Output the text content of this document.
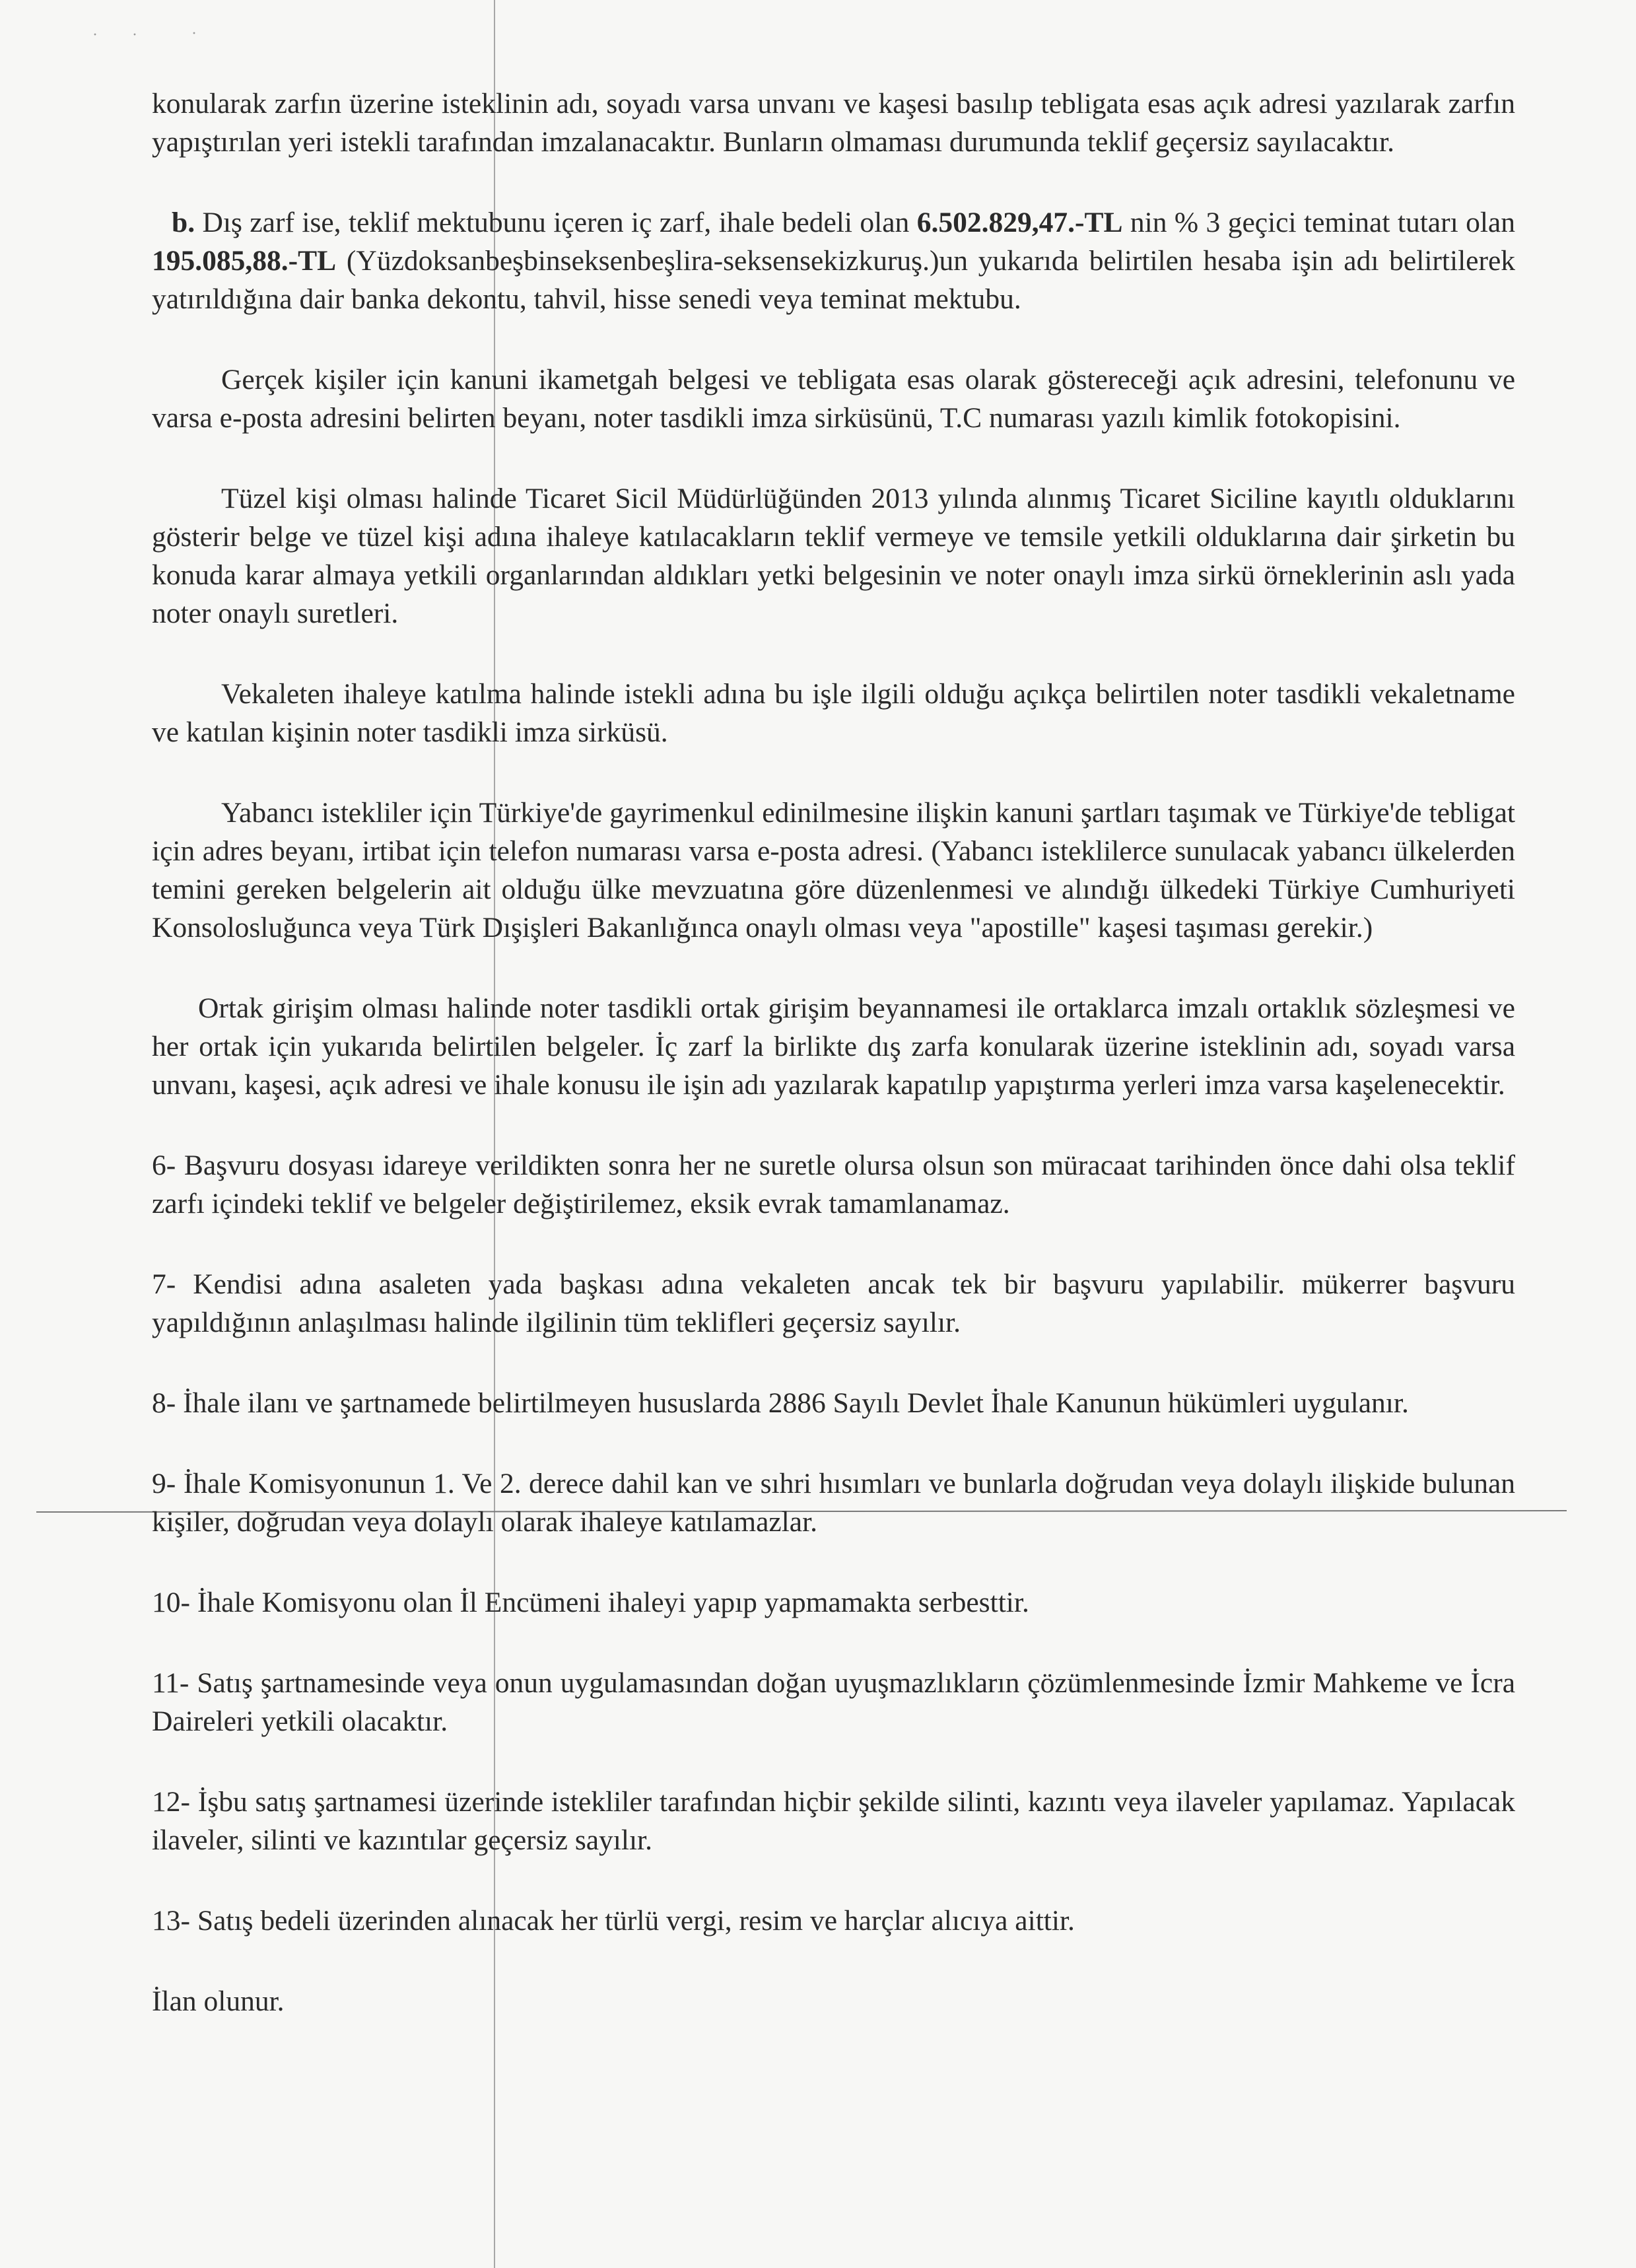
· ·	·

konularak zarfın üzerine isteklinin adı, soyadı varsa unvanı ve kaşesi basılıp tebligata esas açık adresi yazılarak zarfın yapıştırılan yeri istekli tarafından imzalanacaktır. Bunların olmaması durumunda teklif geçersiz sayılacaktır.

b. Dış zarf ise, teklif mektubunu içeren iç zarf, ihale bedeli olan 6.502.829,47.-TL nin % 3 geçici teminat tutarı olan 195.085,88.-TL (Yüzdoksanbeşbinseksenbeşlira-seksensekizkuruş.)un yukarıda belirtilen hesaba işin adı belirtilerek yatırıldığına dair banka dekontu, tahvil, hisse senedi veya teminat mektubu.

Gerçek kişiler için kanuni ikametgah belgesi ve tebligata esas olarak göstereceği açık adresini, telefonunu ve varsa e-posta adresini belirten beyanı, noter tasdikli imza sirküsünü, T.C numarası yazılı kimlik fotokopisini.

Tüzel kişi olması halinde Ticaret Sicil Müdürlüğünden 2013 yılında alınmış Ticaret Siciline kayıtlı olduklarını gösterir belge ve tüzel kişi adına ihaleye katılacakların teklif vermeye ve temsile yetkili olduklarına dair şirketin bu konuda karar almaya yetkili organlarından aldıkları yetki belgesinin ve noter onaylı imza sirkü örneklerinin aslı yada noter onaylı suretleri.

Vekaleten ihaleye katılma halinde istekli adına bu işle ilgili olduğu açıkça belirtilen noter tasdikli vekaletname ve katılan kişinin noter tasdikli imza sirküsü.

Yabancı istekliler için Türkiye'de gayrimenkul edinilmesine ilişkin kanuni şartları taşımak ve Türkiye'de tebligat için adres beyanı, irtibat için telefon numarası varsa e-posta adresi. (Yabancı isteklilerce sunulacak yabancı ülkelerden temini gereken belgelerin ait olduğu ülke mevzuatına göre düzenlenmesi ve alındığı ülkedeki Türkiye Cumhuriyeti Konsolosluğunca veya Türk Dışişleri Bakanlığınca onaylı olması veya "apostille" kaşesi taşıması gerekir.)

Ortak girişim olması halinde noter tasdikli ortak girişim beyannamesi ile ortaklarca imzalı ortaklık sözleşmesi ve her ortak için yukarıda belirtilen belgeler. İç zarf la birlikte dış zarfa konularak üzerine isteklinin adı, soyadı varsa unvanı, kaşesi, açık adresi ve ihale konusu ile işin adı yazılarak kapatılıp yapıştırma yerleri imza varsa kaşelenecektir.

6- Başvuru dosyası idareye verildikten sonra her ne suretle olursa olsun son müracaat tarihinden önce dahi olsa teklif zarfı içindeki teklif ve belgeler değiştirilemez, eksik evrak tamamlanamaz.

7- Kendisi adına asaleten yada başkası adına vekaleten ancak tek bir başvuru yapılabilir. mükerrer başvuru yapıldığının anlaşılması halinde ilgilinin tüm teklifleri geçersiz sayılır.

8- İhale ilanı ve şartnamede belirtilmeyen hususlarda 2886 Sayılı Devlet İhale Kanunun hükümleri uygulanır.

9- İhale Komisyonunun 1. Ve 2. derece dahil kan ve sıhri hısımları ve bunlarla doğrudan veya dolaylı ilişkide bulunan kişiler, doğrudan veya dolaylı olarak ihaleye katılamazlar.

10- İhale Komisyonu olan İl Encümeni ihaleyi yapıp yapmamakta serbesttir.

11- Satış şartnamesinde veya onun uygulamasından doğan uyuşmazlıkların çözümlenmesinde İzmir Mahkeme ve İcra Daireleri yetkili olacaktır.

12- İşbu satış şartnamesi üzerinde istekliler tarafından hiçbir şekilde silinti, kazıntı veya ilaveler yapılamaz. Yapılacak ilaveler, silinti ve kazıntılar geçersiz sayılır.

13- Satış bedeli üzerinden alınacak her türlü vergi, resim ve harçlar alıcıya aittir.

İlan olunur.
